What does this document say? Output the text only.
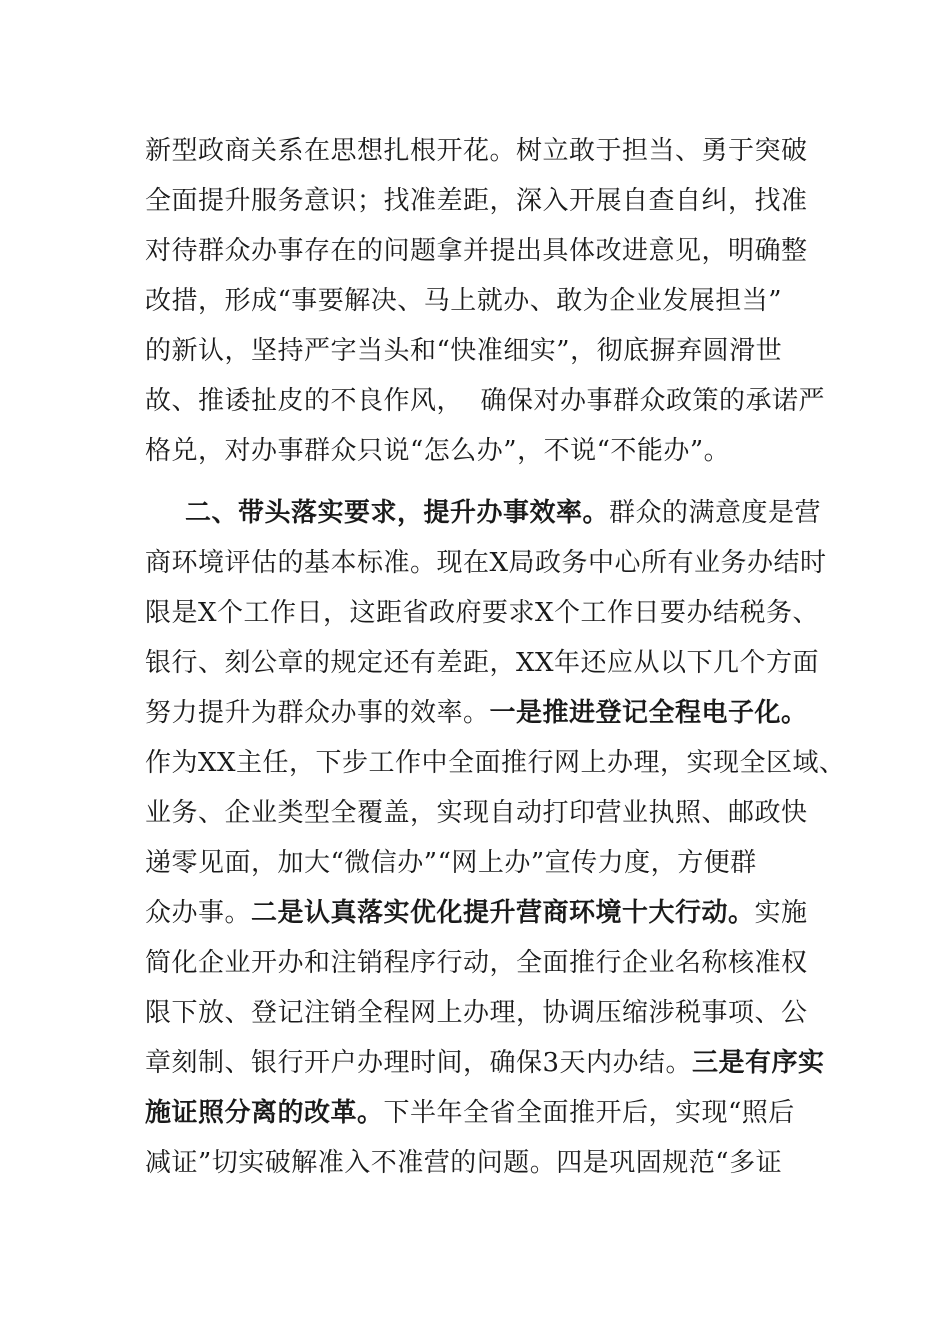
新型政商关系在思想扎根开花。树立敢于担当、勇于突破
全面提升服务意识；找准差距，深入开展自查自纠，找准
对待群众办事存在的问题拿并提出具体改进意见，明确整
改措，形成“事要解决、马上就办、敢为企业发展担当”
的新认，坚持严字当头和“快准细实”，彻底摒弃圆滑世
故、推诿扯皮的不良作风，  确保对办事群众政策的承诺严
格兑，对办事群众只说“怎么办”，不说“不能办”。
二、带头落实要求，提升办事效率。群众的满意度是营
商环境评估的基本标准。现在X局政务中心所有业务办结时
限是X个工作日，这距省政府要求X个工作日要办结税务、
银行、刻公章的规定还有差距，XX年还应从以下几个方面
努力提升为群众办事的效率。一是推进登记全程电子化。
作为XX主任，下步工作中全面推行网上办理，实现全区域、
业务、企业类型全覆盖，实现自动打印营业执照、邮政快
递零见面，加大“微信办”“网上办”宣传力度，方便群
众办事。二是认真落实优化提升营商环境十大行动。实施
简化企业开办和注销程序行动，全面推行企业名称核准权
限下放、登记注销全程网上办理，协调压缩涉税事项、公
章刻制、银行开户办理时间，确保3天内办结。三是有序实
施证照分离的改革。下半年全省全面推开后，实现“照后
减证”切实破解准入不准营的问题。四是巩固规范“多证
